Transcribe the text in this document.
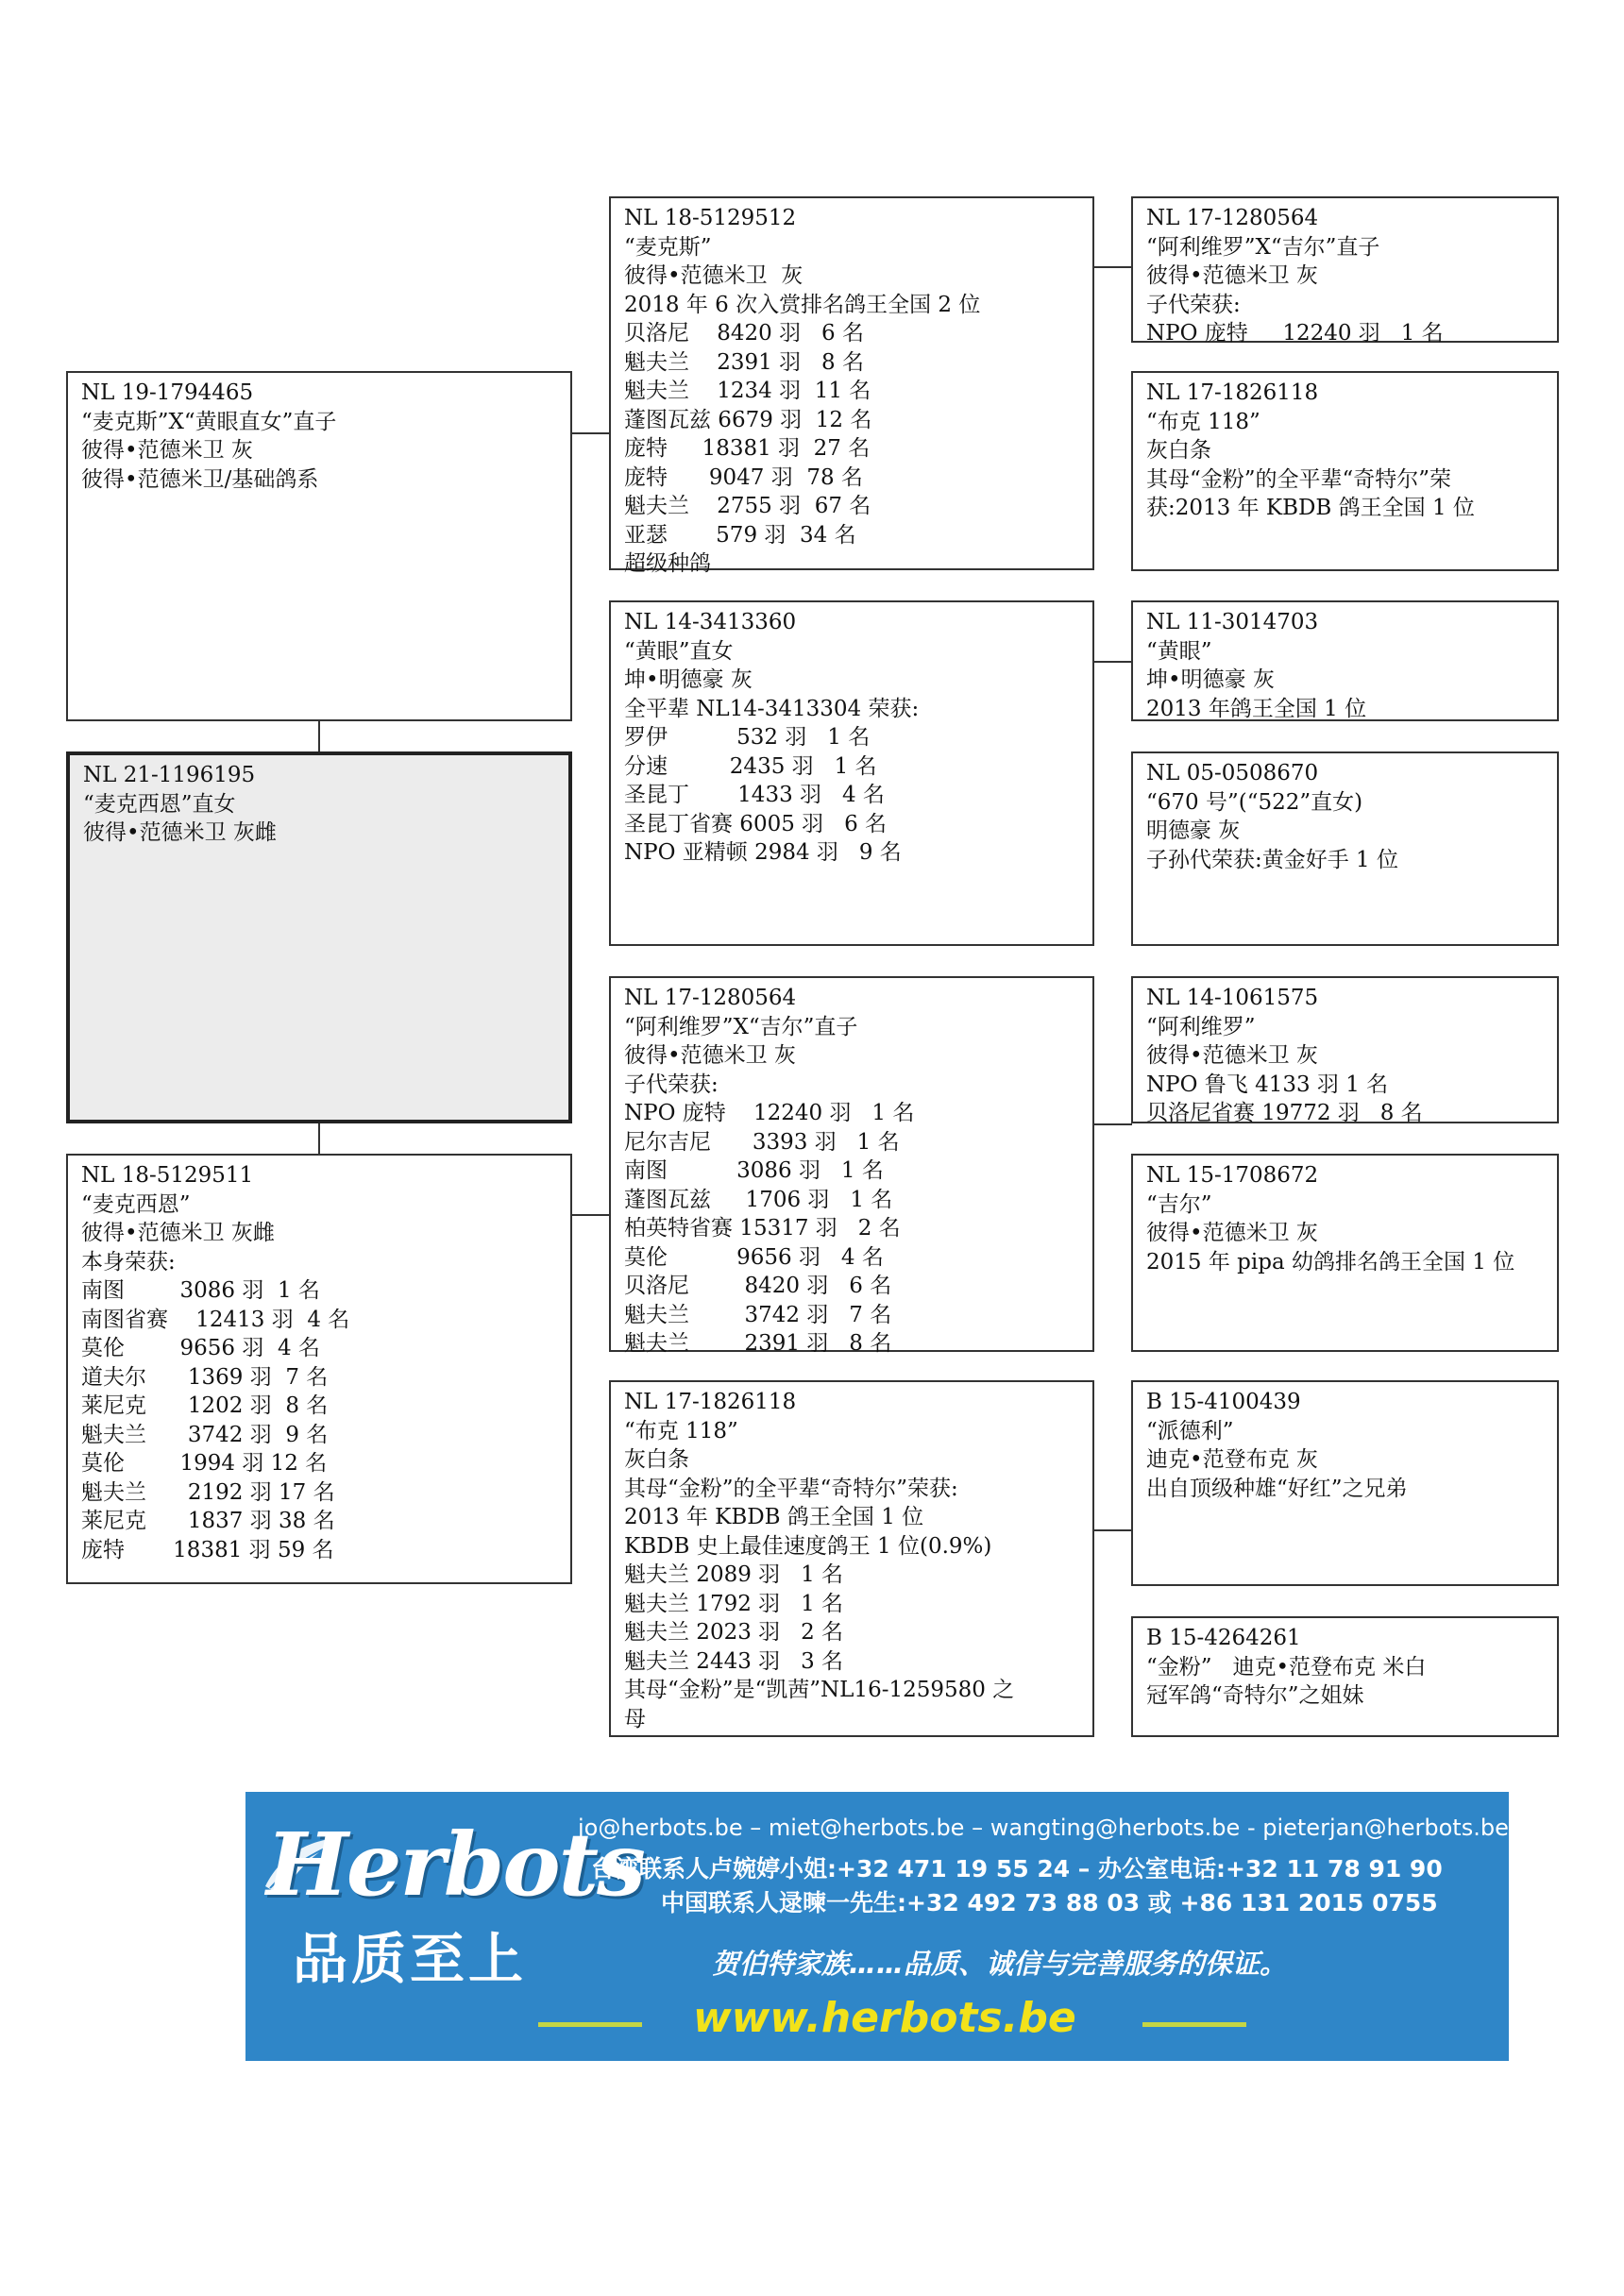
NL 21-1196195
“麦克西恩”直女
彼得•范德米卫 灰雌
NL 19-1794465
“麦克斯”X“黄眼直女”直子
彼得•范德米卫 灰
彼得•范德米卫/基础鸽系
NL 18-5129511
“麦克西恩”
彼得•范德米卫 灰雌
本身荣获:
南图        3086 羽  1 名
南图省赛    12413 羽  4 名
莫伦        9656 羽  4 名
道夫尔      1369 羽  7 名
莱尼克      1202 羽  8 名
魁夫兰      3742 羽  9 名
莫伦        1994 羽 12 名
魁夫兰      2192 羽 17 名
莱尼克      1837 羽 38 名
庞特       18381 羽 59 名
NL 18-5129512
“麦克斯”
彼得•范德米卫  灰
2018 年 6 次入赏排名鸽王全国 2 位
贝洛尼    8420 羽   6 名
魁夫兰    2391 羽   8 名
魁夫兰    1234 羽  11 名
蓬图瓦兹 6679 羽  12 名
庞特     18381 羽  27 名
庞特      9047 羽  78 名
魁夫兰    2755 羽  67 名
亚瑟       579 羽  34 名
超级种鸽
NL 14-3413360
“黄眼”直女
坤•明德豪 灰
全平辈 NL14-3413304 荣获:
罗伊          532 羽   1 名
分速         2435 羽   1 名
圣昆丁       1433 羽   4 名
圣昆丁省赛 6005 羽   6 名
NPO 亚精顿 2984 羽   9 名
NL 17-1280564
“阿利维罗”X“吉尔”直子
彼得•范德米卫 灰
子代荣获:
NPO 庞特    12240 羽   1 名
尼尔吉尼      3393 羽   1 名
南图          3086 羽   1 名
蓬图瓦兹     1706 羽   1 名
柏英特省赛 15317 羽   2 名
莫伦          9656 羽   4 名
贝洛尼        8420 羽   6 名
魁夫兰        3742 羽   7 名
魁夫兰        2391 羽   8 名
NL 17-1826118
“布克 118”
灰白条
其母“金粉”的全平辈“奇特尔”荣获:
2013 年 KBDB 鸽王全国 1 位
KBDB 史上最佳速度鸽王 1 位(0.9%)
魁夫兰 2089 羽   1 名
魁夫兰 1792 羽   1 名
魁夫兰 2023 羽   2 名
魁夫兰 2443 羽   3 名
其母“金粉”是“凯茜”NL16-1259580 之
母
NL 17-1280564
“阿利维罗”X“吉尔”直子
彼得•范德米卫 灰
子代荣获:
NPO 庞特     12240 羽   1 名
NL 17-1826118
“布克 118”
灰白条
其母“金粉”的全平辈“奇特尔”荣
获:2013 年 KBDB 鸽王全国 1 位
NL 11-3014703
“黄眼”
坤•明德豪 灰
2013 年鸽王全国 1 位
NL 05-0508670
“670 号”(“522”直女)
明德豪 灰
子孙代荣获:黄金好手 1 位
NL 14-1061575
“阿利维罗”
彼得•范德米卫 灰
NPO 鲁飞 4133 羽 1 名
贝洛尼省赛 19772 羽   8 名
NL 15-1708672
“吉尔”
彼得•范德米卫 灰
2015 年 pipa 幼鸽排名鸽王全国 1 位
B 15-4100439
“派德利”
迪克•范登布克 灰
出自顶级种雄“好红”之兄弟
B 15-4264261
“金粉”   迪克•范登布克 米白
冠军鸽“奇特尔”之姐妹
Herbots
品质至上
jo@herbots.be – miet@herbots.be – wangting@herbots.be - pieterjan@herbots.be
台湾联系人卢婉婷小姐:+32 471 19 55 24 – 办公室电话:+32 11 78 91 90
中国联系人逯暕一先生:+32 492 73 88 03 或 +86 131 2015 0755
贺伯特家族……品质、诚信与完善服务的保证。
www.herbots.be
